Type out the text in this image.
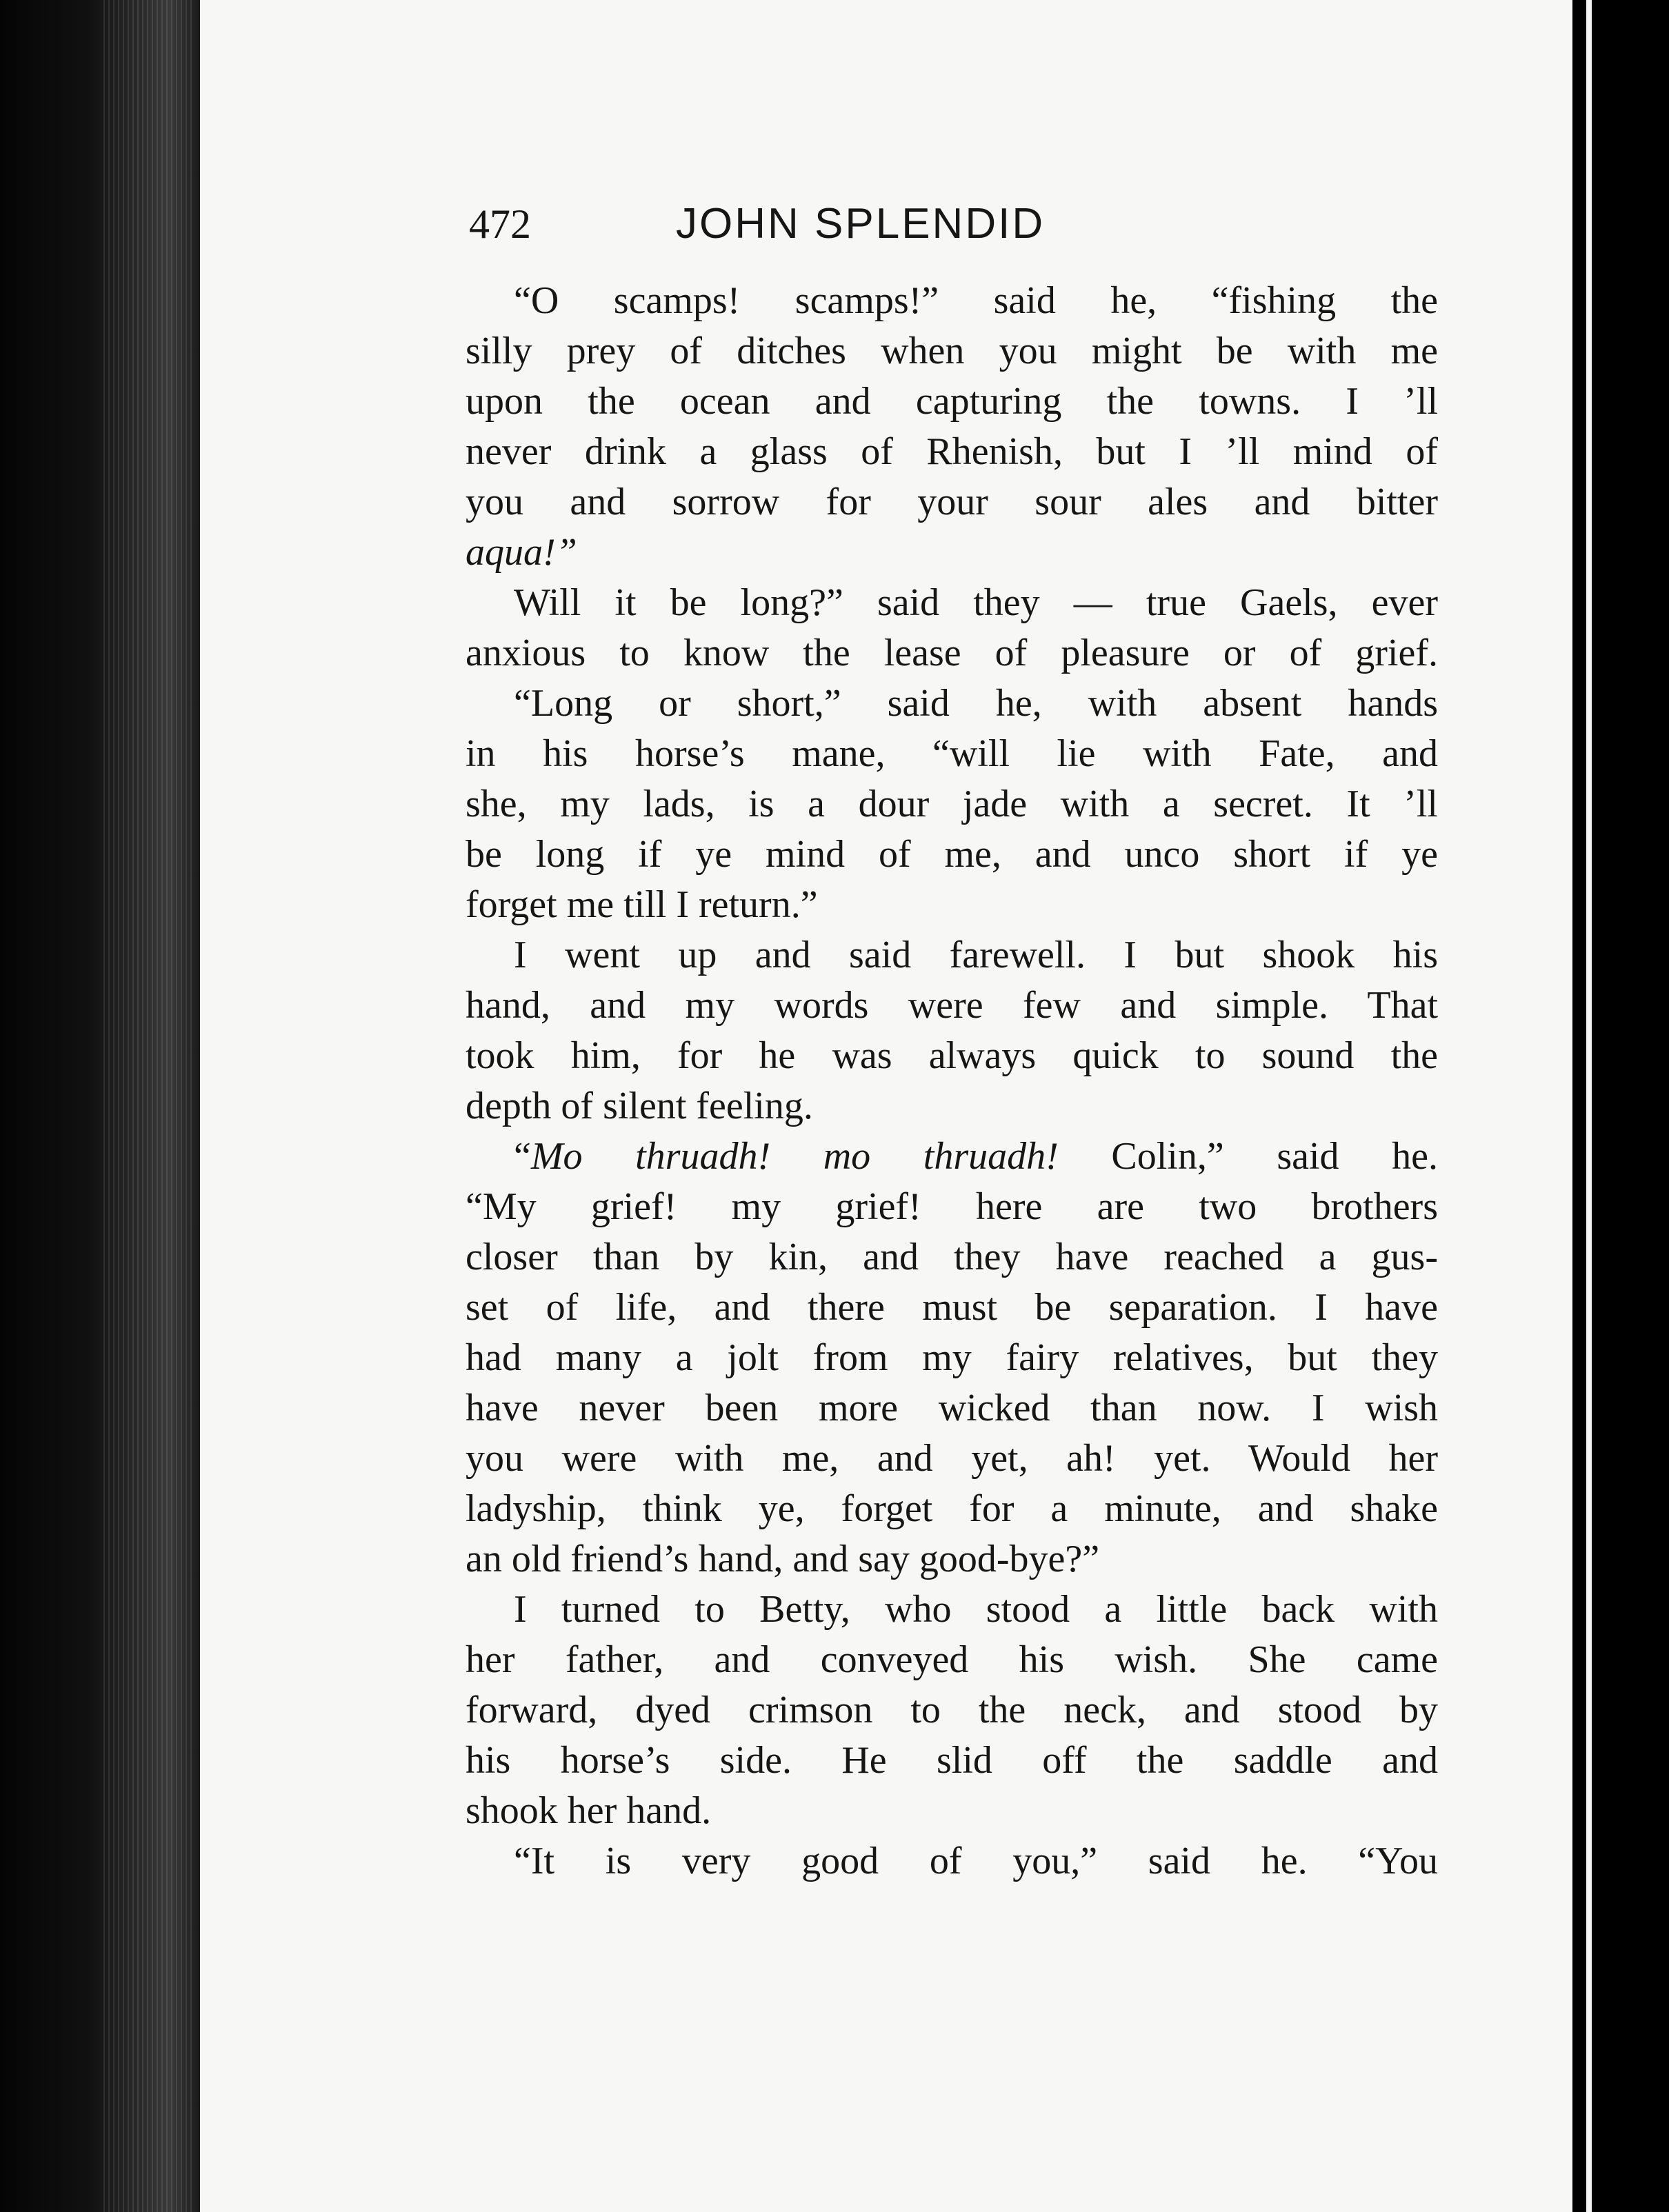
472	JOHN SPLENDID
“O scamps! scamps!” said he, “fishing the
silly prey of ditches when you might be with me
upon the ocean and capturing the towns. I ’ll
never drink a glass of Rhenish, but I ’ll mind of
you and sorrow for your sour ales and bitter
aqua!”
Will it be long?” said they — true Gaels, ever
anxious to know the lease of pleasure or of grief.
“Long or short,” said he, with absent hands
in his horse’s mane, “will lie with Fate, and
she, my lads, is a dour jade with a secret. It ’ll
be long if ye mind of me, and unco short if ye
forget me till I return.”
I went up and said farewell. I but shook his
hand, and my words were few and simple. That
took him, for he was always quick to sound the
depth of silent feeling.
“Mo thruadh! mo thruadh! Colin,” said he.
“My grief! my grief! here are two brothers
closer than by kin, and they have reached a gus-
set of life, and there must be separation. I have
had many a jolt from my fairy relatives, but they
have never been more wicked than now. I wish
you were with me, and yet, ah! yet. Would her
ladyship, think ye, forget for a minute, and shake
an old friend’s hand, and say good-bye?”
I turned to Betty, who stood a little back with
her father, and conveyed his wish. She came
forward, dyed crimson to the neck, and stood by
his horse’s side. He slid off the saddle and
shook her hand.
“It is very good of you,” said he. “You
